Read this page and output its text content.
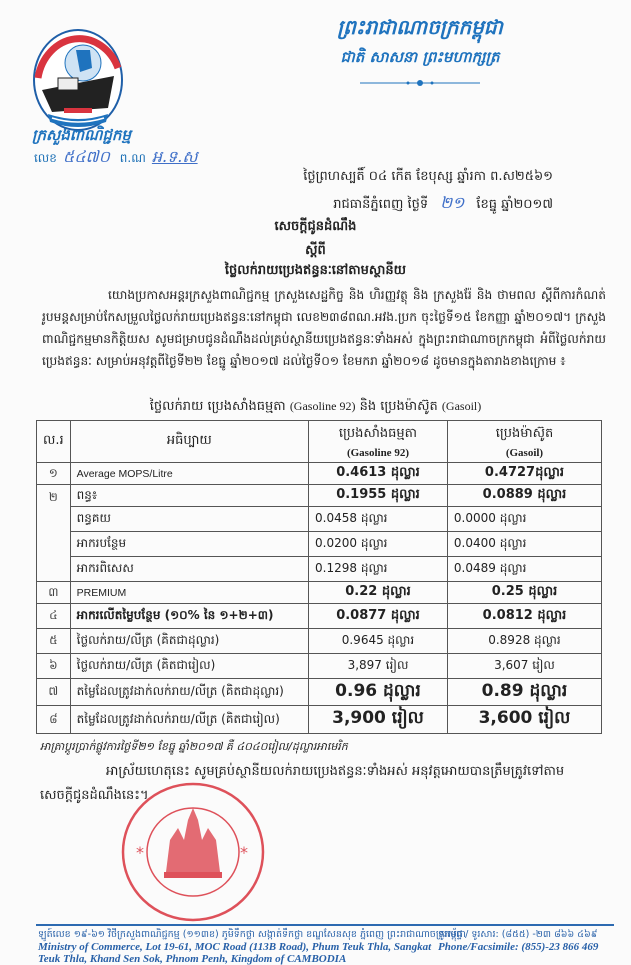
ព្រះរាជាណាចក្រកម្ពុជា
ជាតិ សាសនា ព្រះមហាក្សត្រ
ក្រសួងពាណិជ្ជកម្ម
លេខ ៥៤៧០ ព.ណ អ.ទ.ស
ថ្ងៃព្រហស្បតិ៍ ០៤ កើត ខែបុស្ស ឆ្នាំរកា ព.ស២៥៦១
រាជធានីភ្នំពេញ ថ្ងៃទី ២១ ខែធ្នូ ឆ្នាំ២០១៧
សេចក្តីជូនដំណឹង
ស្តីពី
ថ្លៃលក់រាយប្រេងឥន្ធនៈនៅតាមស្ថានីយ
យោងប្រកាសអន្តរក្រសួងពាណិជ្ជកម្ម ក្រសួងសេដ្ឋកិច្ច និង ហិរញ្ញវត្ថុ និង ក្រសួងរ៉ែ និង ថាមពល ស្តីពីការកំណត់រូបមន្តសម្រាប់កែសម្រួលថ្លៃលក់រាយប្រេងឥន្ធនៈនៅកម្ពុជា លេខ២៣៨ពណ.អវង.ប្រក ចុះថ្ងៃទី១៥ ខែកញ្ញា ឆ្នាំ២០១៧។ ក្រសួងពាណិជ្ជកម្មមានកិត្តិយស សូមជម្រាបជូនដំណឹងដល់គ្រប់ស្ថានីយប្រេងឥន្ធនៈទាំងអស់ ក្នុងព្រះរាជាណាចក្រកម្ពុជា អំពីថ្លៃលក់រាយប្រេងឥន្ធនៈ សម្រាប់អនុវត្តពីថ្ងៃទី២២ ខែធ្នូ ឆ្នាំ២០១៧ ដល់ថ្ងៃទី០១ ខែមករា ឆ្នាំ២០១៨ ដូចមានក្នុងតារាងខាងក្រោម ៖
ថ្លៃលក់រាយ ប្រេងសាំងធម្មតា (Gasoline 92) និង ប្រេងម៉ាស៊ូត (Gasoil)
ល.រ	អធិប្បាយ	ប្រេងសាំងធម្មតា
(Gasoline 92)	ប្រេងម៉ាស៊ូត
(Gasoil)

១	Average MOPS/Litre	0.4613 ដុល្លារ	0.4727ដុល្លារ
២	ពន្ធ៖	0.1955 ដុល្លារ	0.0889 ដុល្លារ
	ពន្ធគយ	0.0458 ដុល្លារ	0.0000 ដុល្លារ
	អាករបន្ថែម	0.0200 ដុល្លារ	0.0400 ដុល្លារ
	អាករពិសេស	0.1298 ដុល្លារ	0.0489 ដុល្លារ
៣	PREMIUM	0.22 ដុល្លារ	0.25 ដុល្លារ
៤	អាករលើតម្លៃបន្ថែម (១០% នៃ ១+២+៣)	0.0877 ដុល្លារ	0.0812 ដុល្លារ
៥	ថ្លៃលក់រាយ/លីត្រ (គិតជាដុល្លារ)	0.9645 ដុល្លារ	0.8928 ដុល្លារ
៦	ថ្លៃលក់រាយ/លីត្រ (គិតជារៀល)	3,897 រៀល	3,607 រៀល
៧	តម្លៃដែលត្រូវដាក់លក់រាយ/លីត្រ (គិតជាដុល្លារ)	0.96 ដុល្លារ	0.89 ដុល្លារ
៨	តម្លៃដែលត្រូវដាក់លក់រាយ/លីត្រ (គិតជារៀល)	3,900 រៀល	3,600 រៀល
អាត្រាប្តូរប្រាក់ផ្លូវការថ្ងៃទី២១ ខែធ្នូ ឆ្នាំ២០១៧ គឺ ៤០៤០រៀល/ដុល្លារអាមេរិក
អាស្រ័យហេតុនេះ សូមគ្រប់ស្ថានីយលក់រាយប្រេងឥន្ធនៈទាំងអស់ អនុវត្តអោយបានត្រឹមត្រូវទៅតាមសេចក្តីជូនដំណឹងនេះ។
*	*
ឡូត៍លេខ ១៩-៦១ វិថីក្រសួងពាណិជ្ជកម្ម (១១៣ខ) ភូមិទឹកថ្លា សង្កាត់ទឹកថ្លា ខណ្ឌសែនសុខ ភ្នំពេញ ព្រះរាជាណាចក្រកម្ពុជា
Ministry of Commerce, Lot 19-61, MOC Road (113B Road), Phum Teuk Thla, Sangkat
Teuk Thla, Khand Sen Sok, Phnom Penh, Kingdom of CAMBODIA
ទូរស័ព្ទ / ទូរសារ: (៨៥៥) -២៣ ៨៦៦ ៤៦៩
Phone/Facsimile: (855)-23 866 469
